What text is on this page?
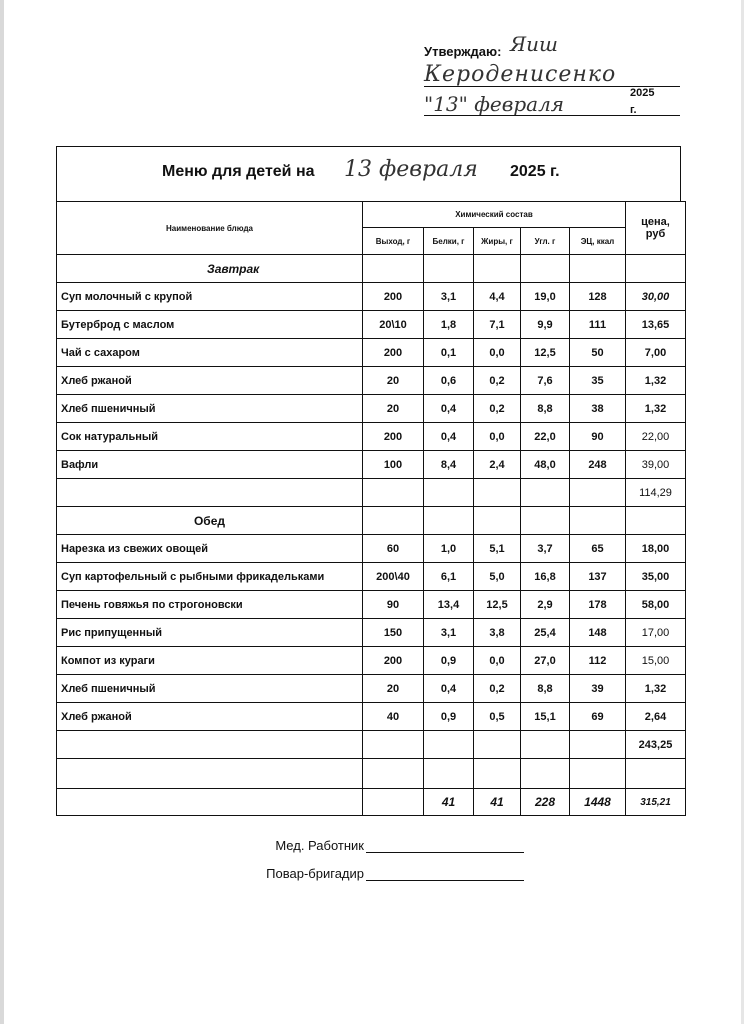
Утверждаю: Яиш
Кероденисенко
"13" февраля	2025
г.
Меню для детей на 13 февраля 2025 г.
Наименование блюда	Химический состав					цена,
руб

	Выход, г	Белки, г	Жиры, г	Угл. г	ЭЦ, ккал	
Завтрак						
Суп молочный с крупой	200	3,1	4,4	19,0	128	30,00
Бутерброд с маслом	20\10	1,8	7,1	9,9	111	13,65
Чай с сахаром	200	0,1	0,0	12,5	50	7,00
Хлеб ржаной	20	0,6	0,2	7,6	35	1,32
Хлеб пшеничный	20	0,4	0,2	8,8	38	1,32
Сок натуральный	200	0,4	0,0	22,0	90	22,00
Вафли	100	8,4	2,4	48,0	248	39,00
						114,29
Обед						
Нарезка из свежих овощей	60	1,0	5,1	3,7	65	18,00
Суп картофельный с рыбными фрикадельками	200\40	6,1	5,0	16,8	137	35,00
Печень говяжья по строгоновски	90	13,4	12,5	2,9	178	58,00
Рис припущенный	150	3,1	3,8	25,4	148	17,00
Компот из кураги	200	0,9	0,0	27,0	112	15,00
Хлеб пшеничный	20	0,4	0,2	8,8	39	1,32
Хлеб ржаной	40	0,9	0,5	15,1	69	2,64
						243,25

		41	41	228	1448	315,21
Мед. Работник
Повар-бригадир
